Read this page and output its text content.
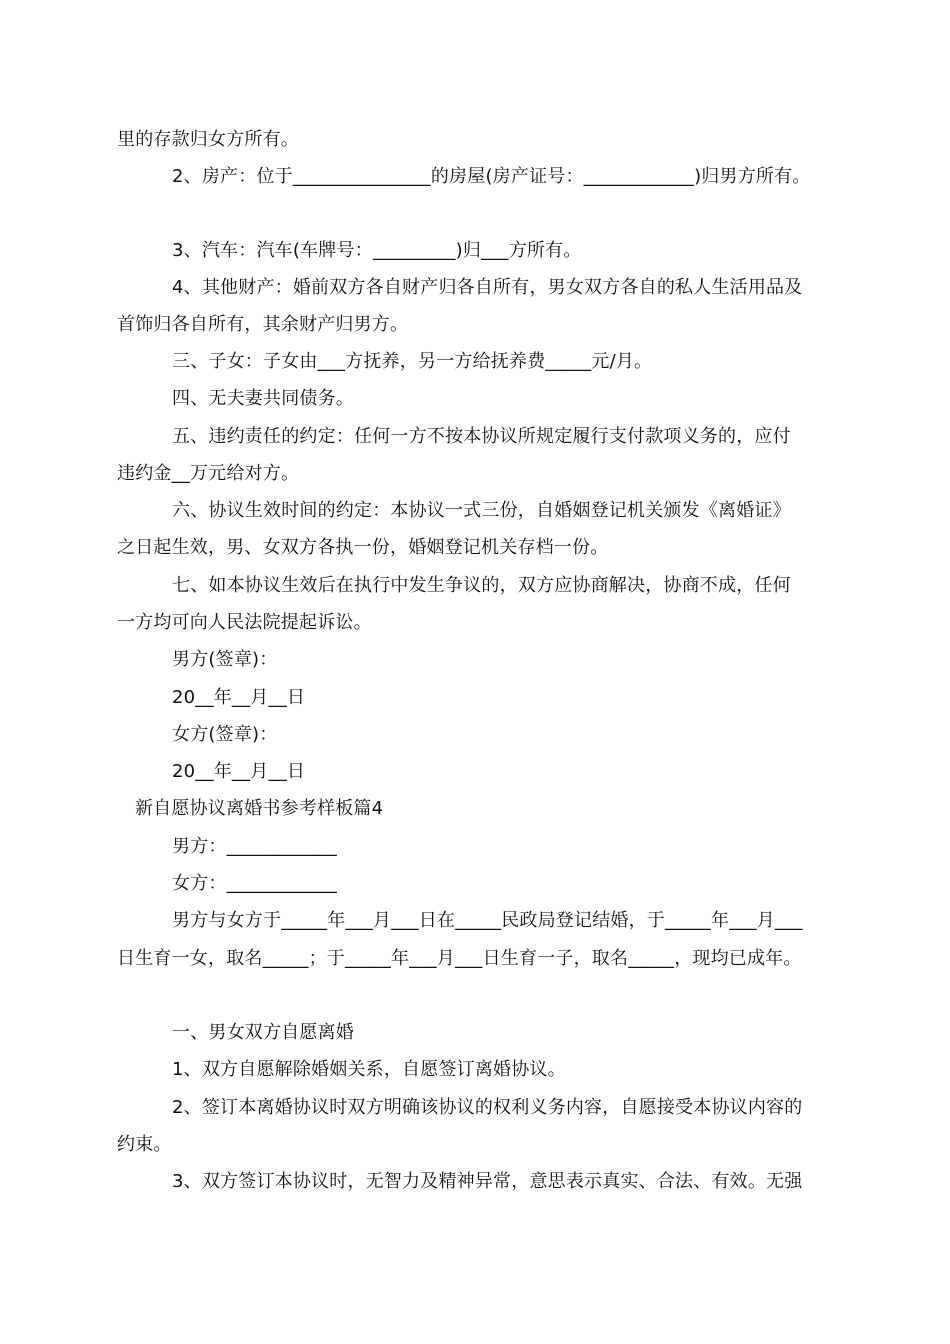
里的存款归女方所有。
2、房产：位于_______________的房屋(房产证号：____________)归男方所有。
3、汽车：汽车(车牌号：_________)归___方所有。
4、其他财产：婚前双方各自财产归各自所有，男女双方各自的私人生活用品及
首饰归各自所有，其余财产归男方。
三、子女：子女由___方抚养，另一方给抚养费_____元/月。
四、无夫妻共同债务。
五、违约责任的约定：任何一方不按本协议所规定履行支付款项义务的，应付
违约金__万元给对方。
六、协议生效时间的约定：本协议一式三份，自婚姻登记机关颁发《离婚证》
之日起生效，男、女双方各执一份，婚姻登记机关存档一份。
七、如本协议生效后在执行中发生争议的，双方应协商解决，协商不成，任何
一方均可向人民法院提起诉讼。
男方(签章)：
20__年__月__日
女方(签章)：
20__年__月__日
新自愿协议离婚书参考样板篇4
男方：____________
女方：____________
男方与女方于_____年___月___日在_____民政局登记结婚，于_____年___月___
日生育一女，取名_____；于_____年___月___日生育一子，取名_____，现均已成年。
一、男女双方自愿离婚
1、双方自愿解除婚姻关系，自愿签订离婚协议。
2、签订本离婚协议时双方明确该协议的权利义务内容，自愿接受本协议内容的
约束。
3、双方签订本协议时，无智力及精神异常，意思表示真实、合法、有效。无强
